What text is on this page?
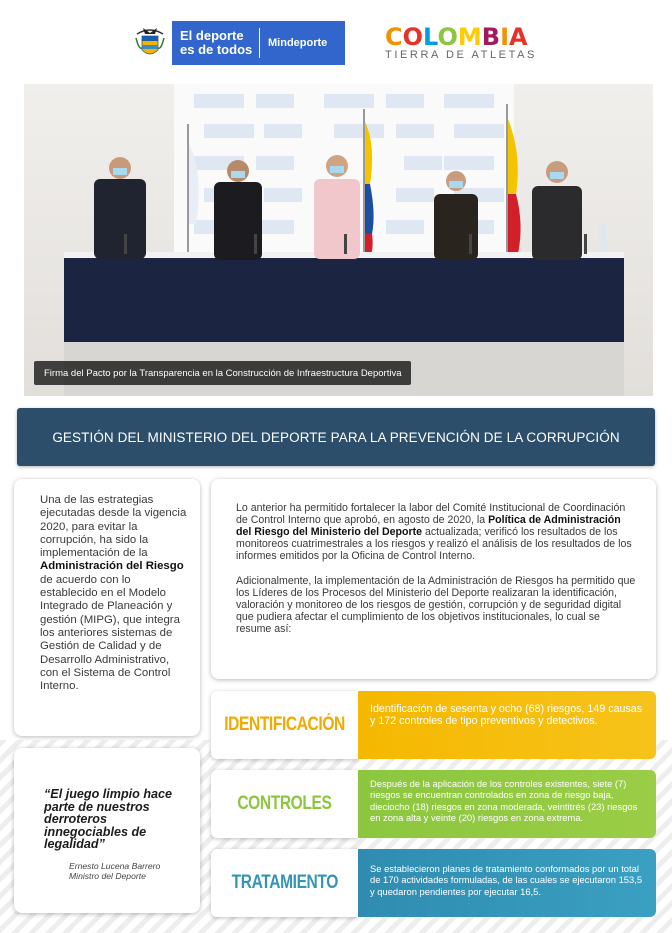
El deporte
es de todos	Mindeporte COLOMBIA
TIERRA DE ATLETAS
Firma del Pacto por la Transparencia en la Construcción de Infraestructura Deportiva
GESTIÓN DEL MINISTERIO DEL DEPORTE PARA LA PREVENCIÓN DE LA CORRUPCIÓN

Una de las estrategias ejecutadas desde la vigencia 2020, para evitar la corrupción, ha sido la implementación de la Administración del Riesgo de acuerdo con lo establecido en el Modelo Integrado de Planeación y gestión (MIPG), que integra los anteriores sistemas de Gestión de Calidad y de Desarrollo Administrativo, con el Sistema de Control Interno.

“El juego limpio hace parte de nuestros derroteros innegociables de legalidad”
Ernesto Lucena Barrero
Ministro del Deporte

Lo anterior ha permitido fortalecer la labor del Comité Institucional de Coordinación de Control Interno que aprobó, en agosto de 2020, la Política de Administración del Riesgo del Ministerio del Deporte actualizada; verificó los resultados de los monitoreos cuatrimestrales a los riesgos y realizó el análisis de los resultados de los informes emitidos por la Oficina de Control Interno.

Adicionalmente, la implementación de la Administración de Riesgos ha permitido que los Líderes de los Procesos del Ministerio del Deporte realizaran la identificación, valoración y monitoreo de los riesgos de gestión, corrupción y de seguridad digital que pudiera afectar el cumplimiento de los objetivos institucionales, lo cual se resume así:

IDENTIFICACIÓN
Identificación de sesenta y ocho (68) riesgos, 149 causas y 172 controles de tipo preventivos y detectivos.
CONTROLES
Después de la aplicación de los controles existentes, siete (7) riesgos se encuentran controlados en zona de riesgo baja, dieciocho (18) riesgos en zona moderada, veintitrés (23) riesgos en zona alta y veinte (20) riesgos en zona extrema.
TRATAMIENTO
Se establecieron planes de tratamiento conformados por un total de 170 actividades formuladas, de las cuales se ejecutaron 153,5 y quedaron pendientes por ejecutar 16,5.
